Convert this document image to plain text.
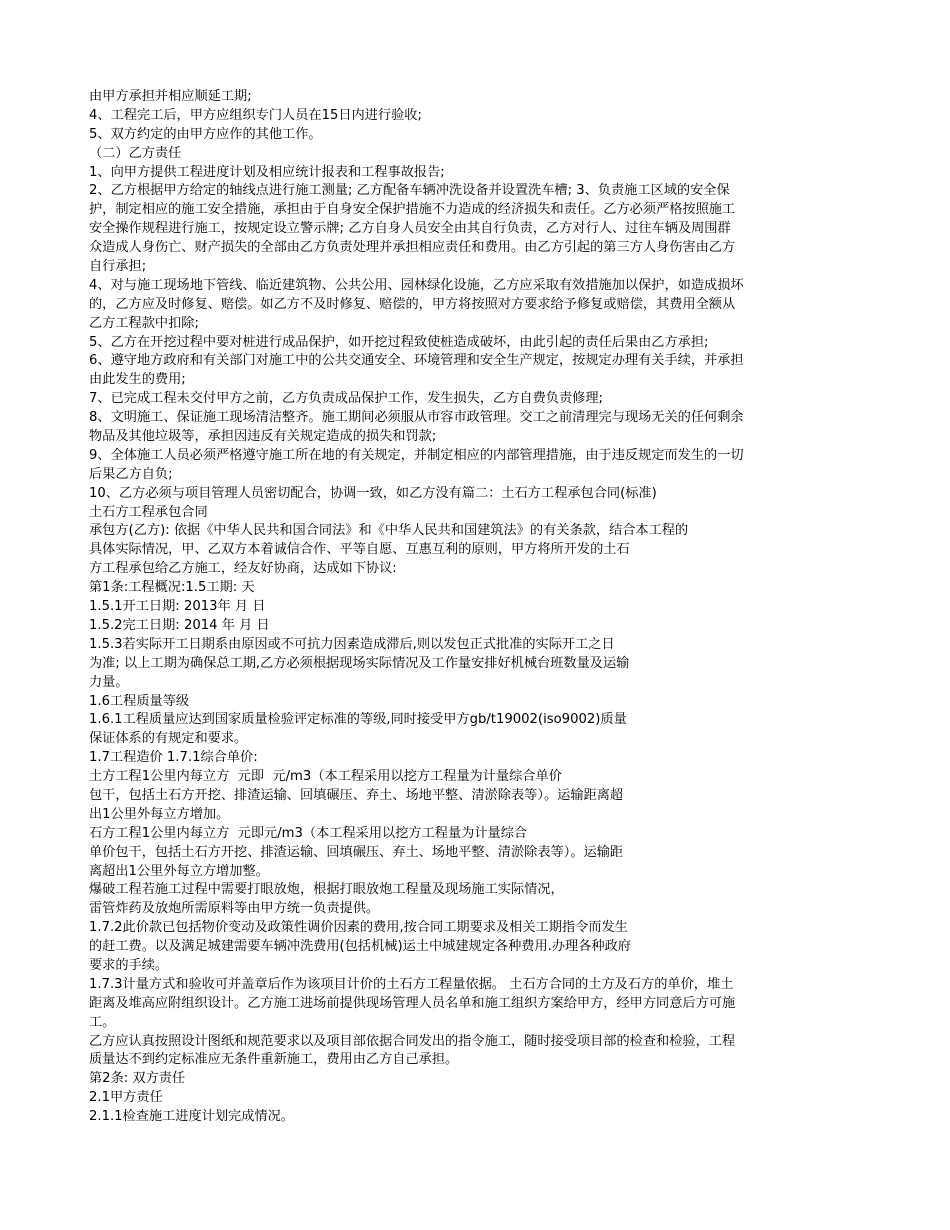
由甲方承担并相应顺延工期;

4、工程完工后，甲方应组织专门人员在15日内进行验收;

5、双方约定的由甲方应作的其他工作。

（二）乙方责任

1、向甲方提供工程进度计划及相应统计报表和工程事故报告;

2、乙方根据甲方给定的轴线点进行施工测量; 乙方配备车辆冲洗设备并设置洗车槽; 3、负责施工区域的安全保

护，制定相应的施工安全措施，承担由于自身安全保护措施不力造成的经济损失和责任。乙方必须严格按照施工

安全操作规程进行施工，按规定设立警示牌; 乙方自身人员安全由其自行负责，乙方对行人、过往车辆及周围群

众造成人身伤亡、财产损失的全部由乙方负责处理并承担相应责任和费用。由乙方引起的第三方人身伤害由乙方

自行承担;

4、对与施工现场地下管线、临近建筑物、公共公用、园林绿化设施，乙方应采取有效措施加以保护，如造成损坏

的，乙方应及时修复、赔偿。如乙方不及时修复、赔偿的，甲方将按照对方要求给予修复或赔偿，其费用全额从

乙方工程款中扣除;

5、乙方在开挖过程中要对桩进行成品保护，如开挖过程致使桩造成破坏，由此引起的责任后果由乙方承担;

6、遵守地方政府和有关部门对施工中的公共交通安全、环境管理和安全生产规定，按规定办理有关手续，并承担

由此发生的费用;

7、已完成工程未交付甲方之前，乙方负责成品保护工作，发生损失，乙方自费负责修理;

8、文明施工、保证施工现场清洁整齐。施工期间必须服从市容市政管理。交工之前清理完与现场无关的任何剩余

物品及其他垃圾等，承担因违反有关规定造成的损失和罚款;

9、全体施工人员必须严格遵守施工所在地的有关规定，并制定相应的内部管理措施，由于违反规定而发生的一切

后果乙方自负;

10、乙方必须与项目管理人员密切配合，协调一致，如乙方没有篇二：土石方工程承包合同(标准)

土石方工程承包合同

承包方(乙方): 依据《中华人民共和国合同法》和《中华人民共和国建筑法》的有关条款，结合本工程的

具体实际情况，甲、乙双方本着诚信合作、平等自愿、互惠互利的原则，甲方将所开发的土石

方工程承包给乙方施工，经友好协商，达成如下协议:

第1条:工程概况:1.5工期: 天

1.5.1开工日期: 2013年 月 日

1.5.2完工日期: 2014 年 月 日

1.5.3若实际开工日期系由原因或不可抗力因素造成滞后,则以发包正式批准的实际开工之日

为准; 以上工期为确保总工期,乙方必须根据现场实际情况及工作量安排好机械台班数量及运输

力量。

1.6工程质量等级

1.6.1工程质量应达到国家质量检验评定标准的等级,同时接受甲方gb/t19002(iso9002)质量

保证体系的有规定和要求。

1.7工程造价 1.7.1综合单价:

土方工程1公里内每立方  元即  元/m3（本工程采用以挖方工程量为计量综合单价

包干，包括土石方开挖、排渣运输、回填碾压、弃土、场地平整、清淤除表等）。运输距离超

出1公里外每立方增加。

石方工程1公里内每立方  元即元/m3（本工程采用以挖方工程量为计量综合

单价包干，包括土石方开挖、排渣运输、回填碾压、弃土、场地平整、清淤除表等）。运输距

离超出1公里外每立方增加整。

爆破工程若施工过程中需要打眼放炮，根据打眼放炮工程量及现场施工实际情况，

雷管炸药及放炮所需原料等由甲方统一负责提供。

1.7.2此价款已包括物价变动及政策性调价因素的费用,按合同工期要求及相关工期指令而发生

的赶工费。以及满足城建需要车辆冲洗费用(包括机械)运土中城建规定各种费用.办理各种政府

要求的手续。

1.7.3计量方式和验收可并盖章后作为该项目计价的土石方工程量依据。 土石方合同的土方及石方的单价，堆土

距离及堆高应附组织设计。乙方施工进场前提供现场管理人员名单和施工组织方案给甲方，经甲方同意后方可施

工。

乙方应认真按照设计图纸和规范要求以及项目部依据合同发出的指令施工，随时接受项目部的检查和检验，工程

质量达不到约定标准应无条件重新施工，费用由乙方自己承担。

第2条: 双方责任

2.1甲方责任

2.1.1检查施工进度计划完成情况。
